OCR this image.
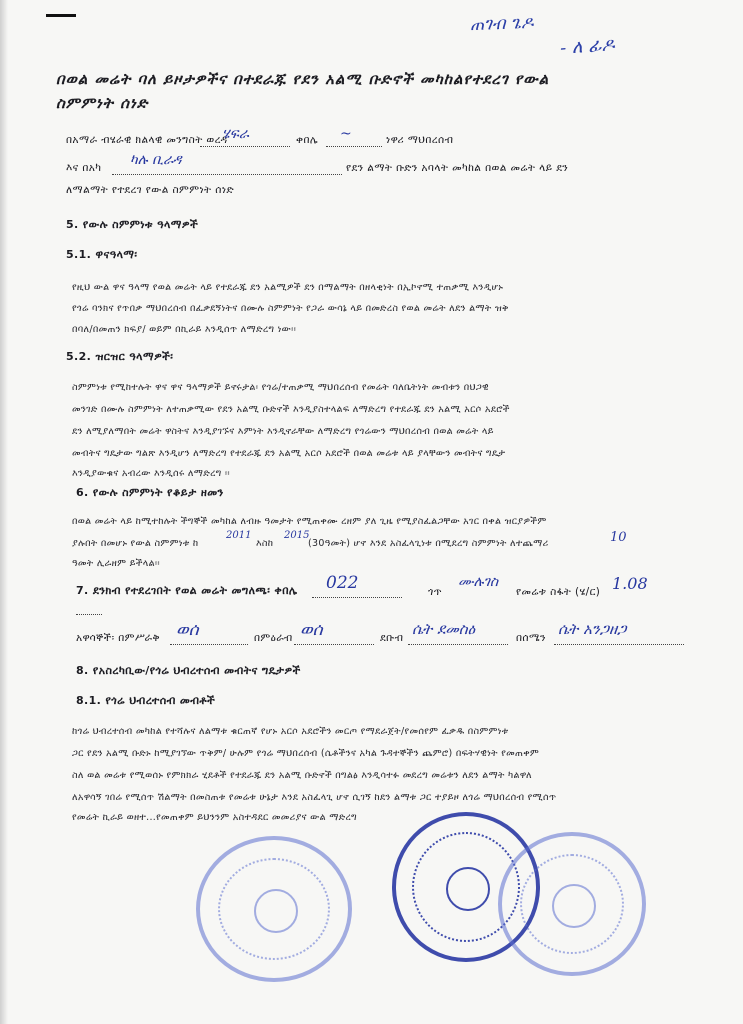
ጠገብ ጌዶ
- ለ ፊዶ
በወል መሬት ባለ ይዞታዎችና በተደራጁ የደን አልሚ ቡድኖች መካከልየተደረገ የውል
ስምምነት ሰነድ
በአማራ ብሄራዊ ክልላዊ መንግስት ወረዳ
ሄፍራ	ቀበሌ ~	ነዋሪ ማህበረሰብ
እና በአካ ካሉ ቢራዳ	የደን ልማት ቡድን አባላት መካከል በወል መሬት ላይ ደን
ለማልማት የተደረገ የውል ስምምነት ሰነድ
5. የውሉ ስምምነቱ ዓላማዎች
5.1. ዋናዓላማ፡
የዚህ ውል ዋና ዓላማ የወል መሬት ላይ የተደራጁ ደን አልሚዎች ደን በማልማት በዘላቂነት በኢኮኖሚ ተጠቃሚ እንዲሆኑ
የጎሬ ባንክና የጥበቃ ማህበረሰብ በፈቃደኝነትና በሙሉ ስምምነት የጋራ ውሳኔ ላይ በመድረስ የወል መሬት ለደን ልማት ዝቅ
በባለ/በመጠን ክፍያ/ ወይም በኪራይ እንዲሰጥ ለማድረግ ነው፡፡
5.2. ዝርዝር ዓላማዎች፡
ስምምነቱ የሚከተሉት ዋና ዋና ዓላማዎች ይኖሩታል፡ የጎሬ/ተጠቃሚ ማህበረሰብ የመሬት ባለቤትነት መብቱን በህጋዊ
መንገድ በሙሉ ስምምነት ለተጠቃሚው የደን አልሚ ቡድኖች እንዲያስተላልፍ ለማድረግ የተደራጁ ደን አልሚ አርሶ አደሮች
ደን ለሚያለማበት መሬት ዋስትና እንዲያገኙና እምነት እንዲኖራቸው ለማድረግ የጎሬውን ማህበረሰብ በወል መሬት ላይ
መብትና ግዴታው ግልጽ እንዲሆን ለማድረግ የተደራጁ ደን አልሚ አርሶ አደሮች በወል መሬቱ ላይ ያላቸውን መብትና ግዴታ
እንዲያውቁና አብረው እንዲሰሩ ለማድረግ ፡፡
6. የውሉ ስምምነት የቆይታ ዘመን
በወል መሬት ላይ ከሚተከሉት ችግኞች መካከል ለብዙ ዓመታት የሚጠቀሙ ረዘም ያለ ጊዜ የሚያስፈልጋቸው አገር በቀል ዝርያዎችም
ያሉበት በመሆኑ የውል ስምምነቱ ከ
2011
እስከ
2015
(30ዓመት) ሆኖ እንደ አስፈላጊነቱ በሚደረግ ስምምነት ለተጨማሪ	10
ዓመት ሊራዘም ይችላል፡፡
7. ደንክብ የተደረገበት የወል መሬት መግለጫ፡ ቀበሌ 022	ጎጥ
ሙሉገስ
የመሬቱ ስፋት (ሄ/ር) 1.08
አዋሳኞች፡ በምሥራቅ ወሰ	በምዕራብ ወሰ	ደቡብ ሴት ደመስዕ	በሰሜን ሴት አንጋዘጋ
8. የአስረካቢው/የጎሬ ህብረተሰብ መብትና ግዴታዎች
8.1. የጎሬ ህብረተሰብ መብቶች
ከጎሬ ህብረተሰብ መካከል የተሻሉና ለልማቱ ቁርጠኛ የሆኑ አርሶ አደሮችን መርጦ የማደራጀት/የመሰየም ፈቃዱ በስምምነቱ
ጋር የደን አልሚ ቡድኑ ከሚያገኘው ጥቅም/ ሁሉም የጎሬ ማህበረሰብ (ሴቶችንና አካል ጉዳተኞችን ጨምሮ) በፍትሃዊነት የመጠቀም
ስለ ወል መሬቱ የሚወሰኑ የምክክራ ሂደቶች የተደራጁ ደን አልሚ ቡድኖች በግልፅ እንዲሳተፉ መደረግ መሬቱን ለደን ልማት ካልዋለ
ለአዋሳኝ ገበሬ የሚሰጥ ሽልማት በመስጠቱ የመሬቱ ሁኔታ እንደ አስፈላጊ ሆኖ ሲገኝ ከደን ልማቱ ጋር ተያይዞ ለጎሬ ማህበረሰብ የሚሰጥ
የመሬት ኪራይ ወዘተ...የመጠቀም ይህንንም አስተዳደር መመሪያና ውል ማድረግ
